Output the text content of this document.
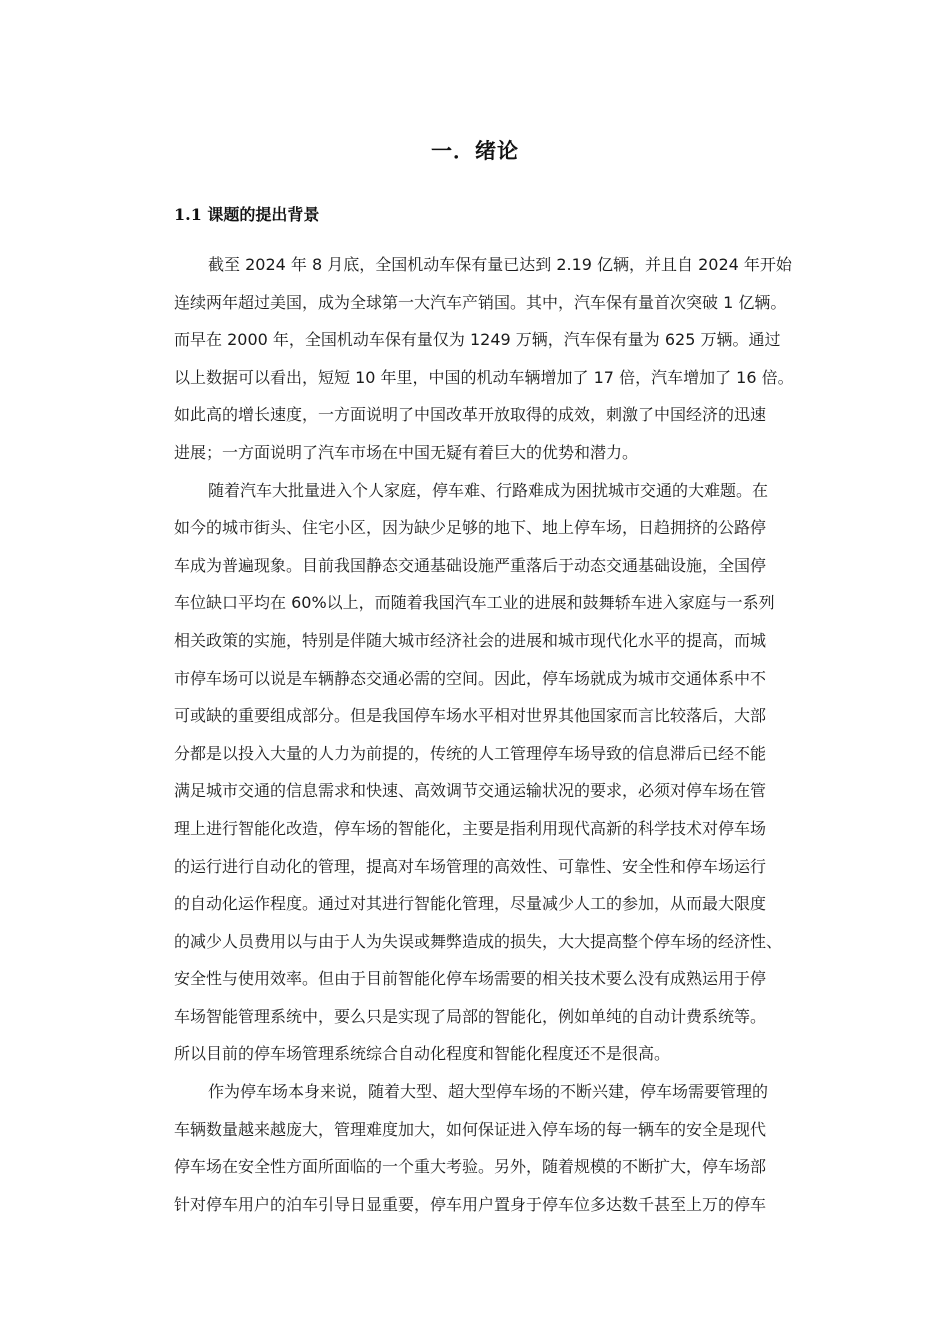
一．绪论
1.1 课题的提出背景
截至 2024 年 8 月底，全国机动车保有量已达到 2.19 亿辆，并且自 2024 年开始
连续两年超过美国，成为全球第一大汽车产销国。其中，汽车保有量首次突破 1 亿辆。
而早在 2000 年，全国机动车保有量仅为 1249 万辆，汽车保有量为 625 万辆。通过
以上数据可以看出，短短 10 年里，中国的机动车辆增加了 17 倍，汽车增加了 16 倍。
如此高的增长速度，一方面说明了中国改革开放取得的成效，刺激了中国经济的迅速
进展；一方面说明了汽车市场在中国无疑有着巨大的优势和潜力。
随着汽车大批量进入个人家庭，停车难、行路难成为困扰城市交通的大难题。在
如今的城市街头、住宅小区，因为缺少足够的地下、地上停车场，日趋拥挤的公路停
车成为普遍现象。目前我国静态交通基础设施严重落后于动态交通基础设施，全国停
车位缺口平均在 60%以上，而随着我国汽车工业的进展和鼓舞轿车进入家庭与一系列
相关政策的实施，特别是伴随大城市经济社会的进展和城市现代化水平的提高，而城
市停车场可以说是车辆静态交通必需的空间。因此，停车场就成为城市交通体系中不
可或缺的重要组成部分。但是我国停车场水平相对世界其他国家而言比较落后，大部
分都是以投入大量的人力为前提的，传统的人工管理停车场导致的信息滞后已经不能
满足城市交通的信息需求和快速、高效调节交通运输状况的要求，必须对停车场在管
理上进行智能化改造，停车场的智能化，主要是指利用现代高新的科学技术对停车场
的运行进行自动化的管理，提高对车场管理的高效性、可靠性、安全性和停车场运行
的自动化运作程度。通过对其进行智能化管理，尽量减少人工的参加，从而最大限度
的减少人员费用以与由于人为失误或舞弊造成的损失，大大提高整个停车场的经济性、
安全性与使用效率。但由于目前智能化停车场需要的相关技术要么没有成熟运用于停
车场智能管理系统中，要么只是实现了局部的智能化，例如单纯的自动计费系统等。
所以目前的停车场管理系统综合自动化程度和智能化程度还不是很高。
作为停车场本身来说，随着大型、超大型停车场的不断兴建，停车场需要管理的
车辆数量越来越庞大，管理难度加大，如何保证进入停车场的每一辆车的安全是现代
停车场在安全性方面所面临的一个重大考验。另外，随着规模的不断扩大，停车场部
针对停车用户的泊车引导日显重要，停车用户置身于停车位多达数千甚至上万的停车
